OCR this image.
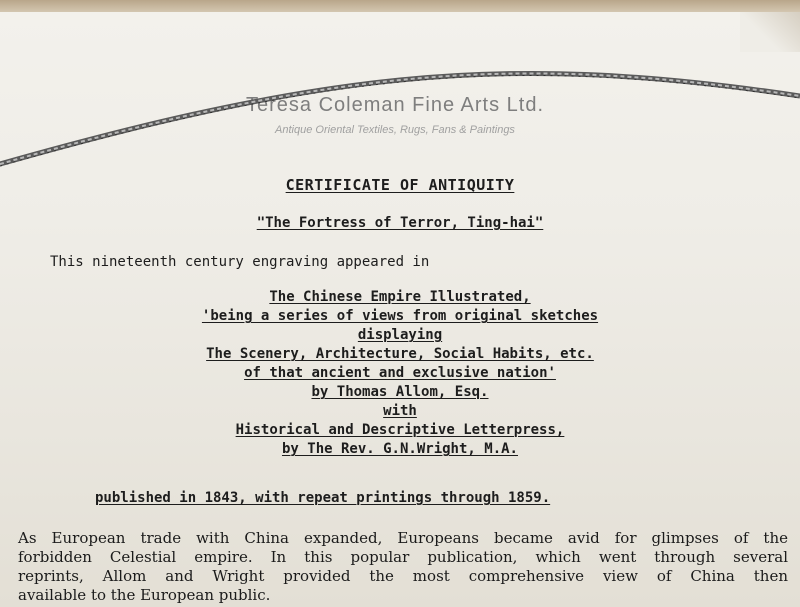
Teresa Coleman Fine Arts Ltd.
Antique Oriental Textiles, Rugs, Fans & Paintings
CERTIFICATE OF ANTIQUITY
"The Fortress of Terror, Ting-hai"
This nineteenth century engraving appeared in
The Chinese Empire Illustrated,
'being a series of views from original sketches
displaying
The Scenery, Architecture, Social Habits, etc.
of that ancient and exclusive nation'
by Thomas Allom, Esq.
with
Historical and Descriptive Letterpress,
by The Rev. G.N.Wright, M.A.
published in 1843, with repeat printings through 1859.
As European trade with China expanded, Europeans became avid for glimpses of the
forbidden Celestial empire. In this popular publication, which went through several
reprints, Allom and Wright provided the most comprehensive view of China then
available to the European public.
